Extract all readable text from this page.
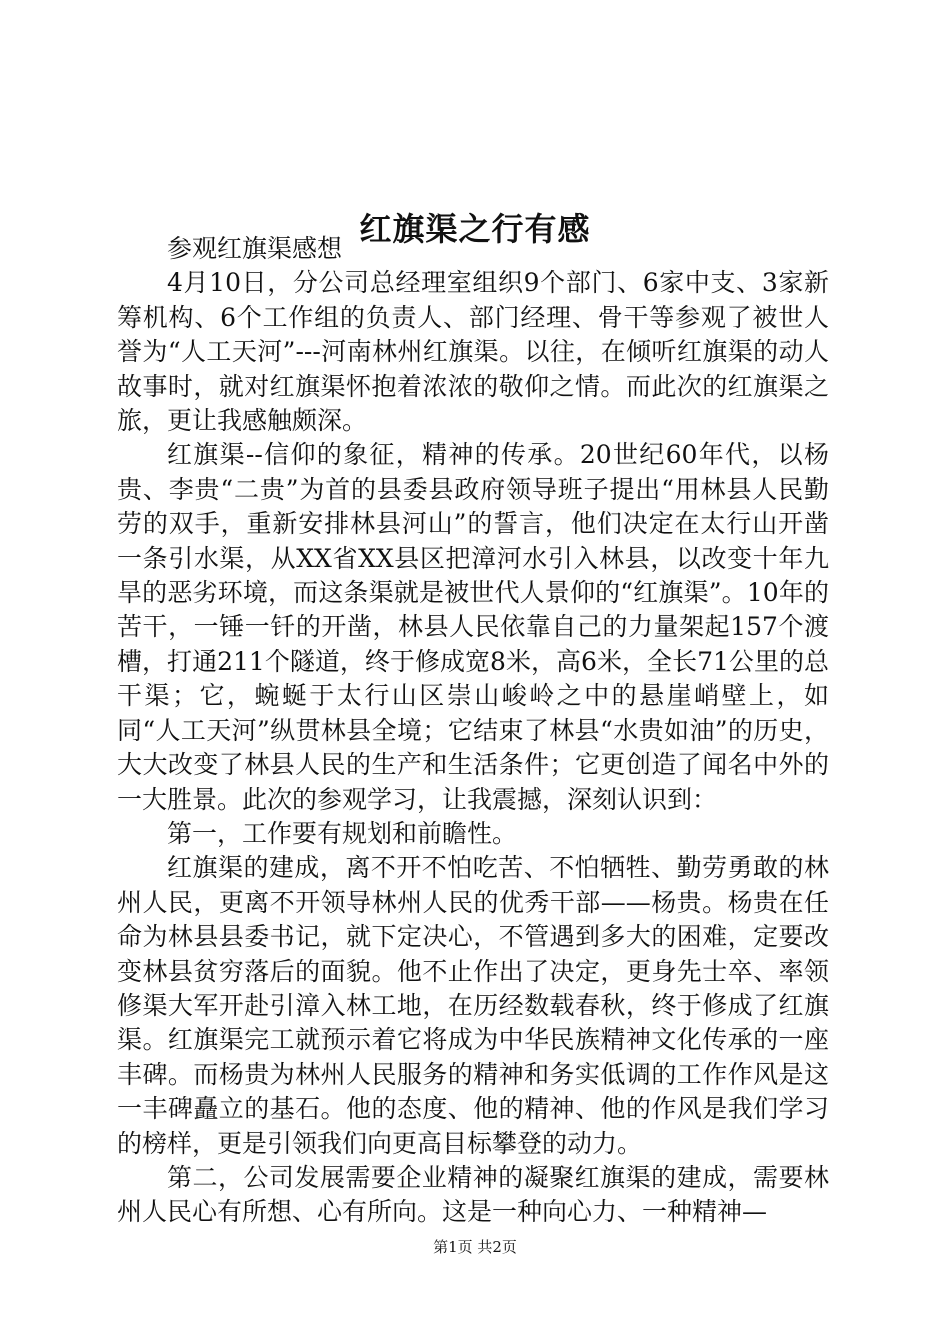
红旗渠之行有感

参观红旗渠感想

4月10日，分公司总经理室组织9个部门、6家中支、3家新筹机构、6个工作组的负责人、部门经理、骨干等参观了被世人誉为“人工天河”---河南林州红旗渠。以往，在倾听红旗渠的动人故事时，就对红旗渠怀抱着浓浓的敬仰之情。而此次的红旗渠之旅，更让我感触颇深。

红旗渠--信仰的象征，精神的传承。20世纪60年代，以杨贵、李贵“二贵”为首的县委县政府领导班子提出“用林县人民勤劳的双手，重新安排林县河山”的誓言，他们决定在太行山开凿一条引水渠，从XX省XX县区把漳河水引入林县，以改变十年九旱的恶劣环境，而这条渠就是被世代人景仰的“红旗渠”。10年的苦干，一锤一钎的开凿，林县人民依靠自己的力量架起157个渡槽，打通211个隧道，终于修成宽8米，高6米，全长71公里的总干渠；它，蜿蜒于太行山区崇山峻岭之中的悬崖峭壁上，如同“人工天河”纵贯林县全境；它结束了林县“水贵如油”的历史，大大改变了林县人民的生产和生活条件；它更创造了闻名中外的一大胜景。此次的参观学习，让我震撼，深刻认识到：

第一，工作要有规划和前瞻性。

红旗渠的建成，离不开不怕吃苦、不怕牺牲、勤劳勇敢的林州人民，更离不开领导林州人民的优秀干部——杨贵。杨贵在任命为林县县委书记，就下定决心，不管遇到多大的困难，定要改变林县贫穷落后的面貌。他不止作出了决定，更身先士卒、率领修渠大军开赴引漳入林工地，在历经数载春秋，终于修成了红旗渠。红旗渠完工就预示着它将成为中华民族精神文化传承的一座丰碑。而杨贵为林州人民服务的精神和务实低调的工作作风是这一丰碑矗立的基石。他的态度、他的精神、他的作风是我们学习的榜样，更是引领我们向更高目标攀登的动力。

第二，公司发展需要企业精神的凝聚红旗渠的建成，需要林州人民心有所想、心有所向。这是一种向心力、一种精神—

第1页 共2页
